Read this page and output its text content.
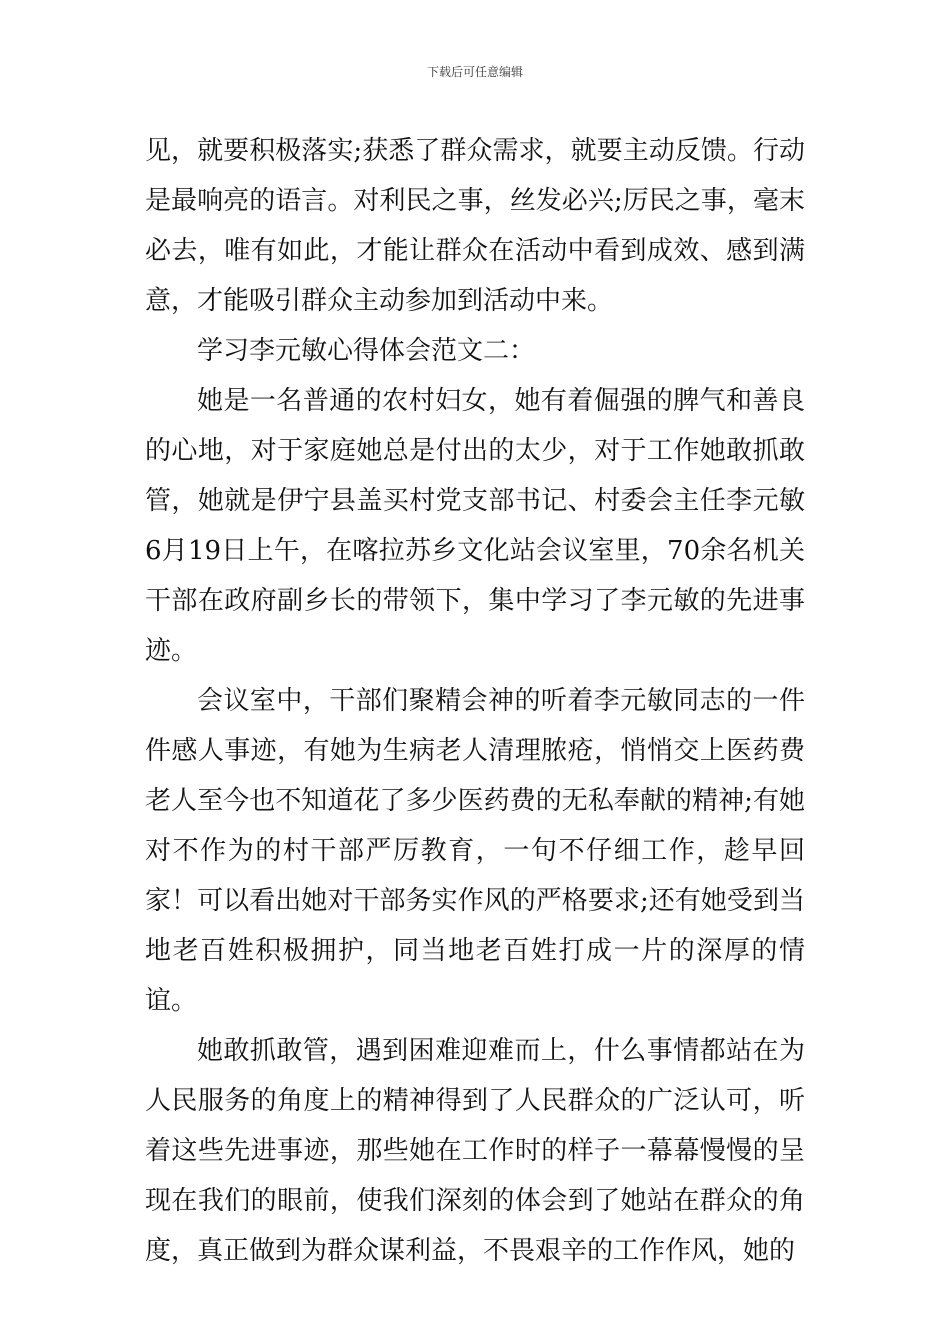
下载后可任意编辑

见，就要积极落实;获悉了群众需求，就要主动反馈。行动是最响亮的语言。对利民之事，丝发必兴;厉民之事，毫末必去，唯有如此，才能让群众在活动中看到成效、感到满意，才能吸引群众主动参加到活动中来。

学习李元敏心得体会范文二：

她是一名普通的农村妇女，她有着倔强的脾气和善良的心地，对于家庭她总是付出的太少，对于工作她敢抓敢管，她就是伊宁县盖买村党支部书记、村委会主任李元敏6月19日上午，在喀拉苏乡文化站会议室里，70余名机关干部在政府副乡长的带领下，集中学习了李元敏的先进事迹。

会议室中，干部们聚精会神的听着李元敏同志的一件件感人事迹，有她为生病老人清理脓疮，悄悄交上医药费老人至今也不知道花了多少医药费的无私奉献的精神;有她对不作为的村干部严厉教育，一句不仔细工作，趁早回家！可以看出她对干部务实作风的严格要求;还有她受到当地老百姓积极拥护，同当地老百姓打成一片的深厚的情谊。

她敢抓敢管，遇到困难迎难而上，什么事情都站在为人民服务的角度上的精神得到了人民群众的广泛认可，听着这些先进事迹，那些她在工作时的样子一幕幕慢慢的呈现在我们的眼前，使我们深刻的体会到了她站在群众的角度，真正做到为群众谋利益，不畏艰辛的工作作风，她的
